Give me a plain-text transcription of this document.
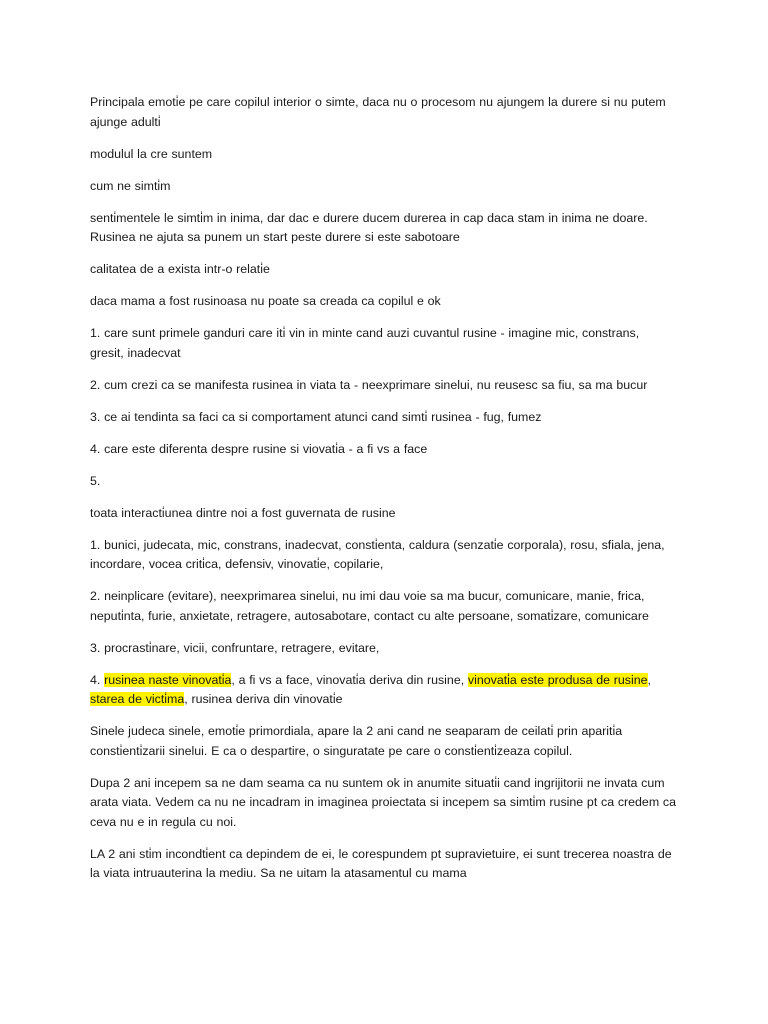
Principala emoti̇e pe care copilul interior o simte, daca nu o procesom nu ajungem la durere si nu putem ajunge adulti̇

modulul la cre suntem

cum ne simti̇m

senti̇mentele le simti̇m in inima, dar dac e durere ducem durerea in cap daca stam in inima ne doare. Rusinea ne ajuta sa punem un start peste durere si este sabotoare

calitatea de a exista intr-o relati̇e

daca mama a fost rusinoasa nu poate sa creada ca copilul e ok

1. care sunt primele ganduri care iti̇ vin in minte cand auzi cuvantul rusine - imagine mic, constrans, gresit, inadecvat

2. cum crezi ca se manifesta rusinea in viata ta - neexprimare sinelui, nu reusesc sa fiu, sa ma bucur

3. ce ai tendinta sa faci ca si comportament atunci cand simti̇ rusinea - fug, fumez

4. care este diferenta despre rusine si viovati̇a - a fi vs a face

5.

toata interacti̇unea dintre noi a fost guvernata de rusine

1. bunici, judecata, mic, constrans, inadecvat, consti̇enta, caldura (senzati̇e corporala), rosu, sfiala, jena, incordare, vocea criti̇ca, defensiv, vinovati̇e, copilarie,

2. neinplicare (evitare), neexprimarea sinelui, nu imi dau voie sa ma bucur, comunicare, manie, frica, neputi̇nta, furie, anxietate, retragere, autosabotare, contact cu alte persoane, somati̇zare, comunicare

3. procrasti̇nare, vicii, confruntare, retragere, evitare,

4. rusinea naste vinovati̇a, a fi vs a face, vinovati̇a deriva din rusine, vinovati̇a este produsa de rusine, starea de victi̇ma, rusinea deriva din vinovati̇e

Sinele judeca sinele, emoti̇e primordiala, apare la 2 ani cand ne seaparam de ceilati̇ prin apariti̇a consti̇enti̇zarii sinelui. E ca o despartire, o singuratate pe care o consti̇enti̇zeaza copilul.

Dupa 2 ani incepem sa ne dam seama ca nu suntem ok in anumite situati̇i cand ingrijitorii ne invata cum arata viata. Vedem ca nu ne incadram in imaginea proiectata si incepem sa simti̇m rusine pt ca credem ca ceva nu e in regula cu noi.

LA 2 ani sti̇m incondti̇ent ca depindem de ei, le corespundem pt supravietuire, ei sunt trecerea noastra de la viata intruauterina la mediu. Sa ne uitam la atasamentul cu mama
